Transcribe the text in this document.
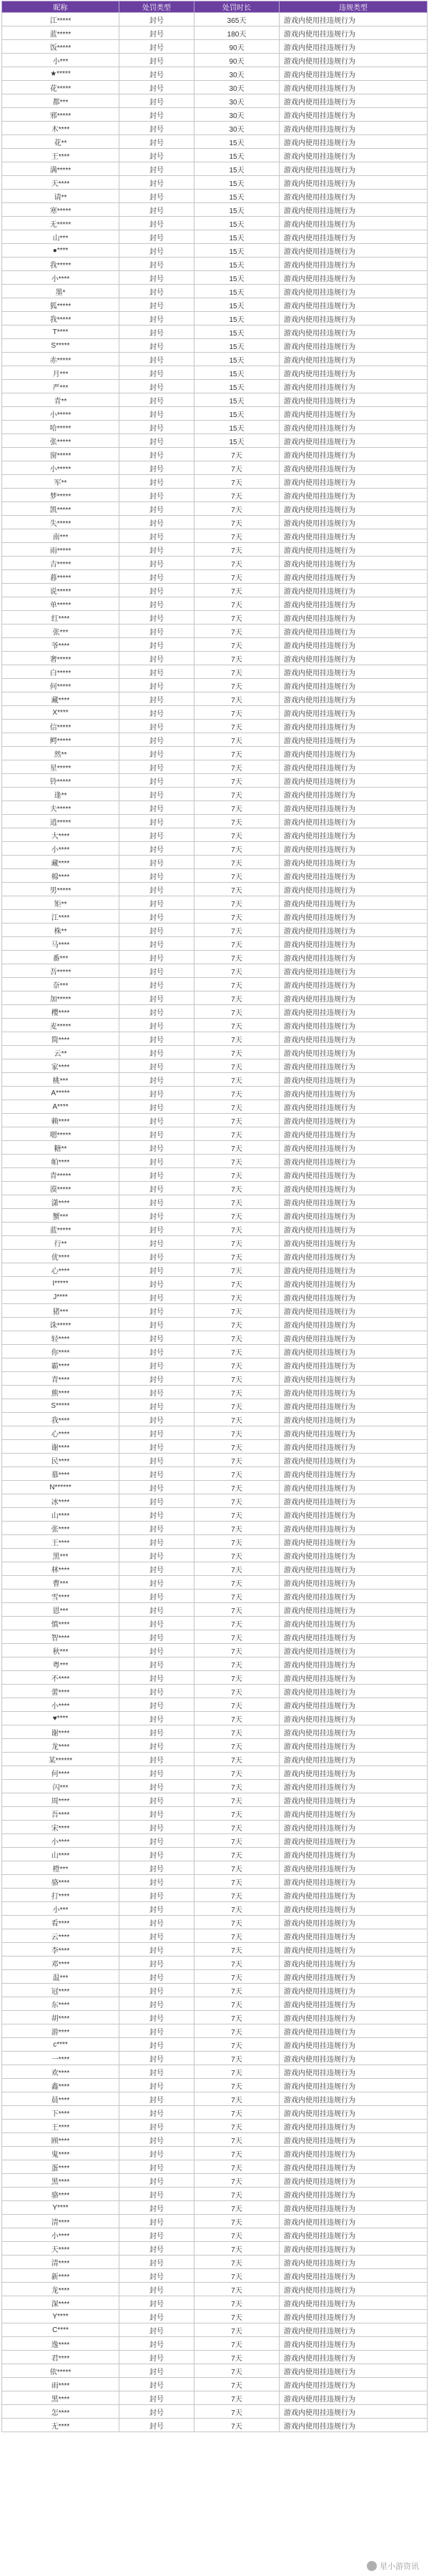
昵称	处罚类型	处罚时长	违规类型
江*****	封号	365天	游戏内使用挂违规行为
蓝*****	封号	180天	游戏内使用挂违规行为
饭*****	封号	90天	游戏内使用挂违规行为
小***	封号	90天	游戏内使用挂违规行为
★*****	封号	30天	游戏内使用挂违规行为
花*****	封号	30天	游戏内使用挂违规行为
都***	封号	30天	游戏内使用挂违规行为
邪*****	封号	30天	游戏内使用挂违规行为
木****	封号	30天	游戏内使用挂违规行为
花**	封号	15天	游戏内使用挂违规行为
王****	封号	15天	游戏内使用挂违规行为
满*****	封号	15天	游戏内使用挂违规行为
天****	封号	15天	游戏内使用挂违规行为
请**	封号	15天	游戏内使用挂违规行为
寒*****	封号	15天	游戏内使用挂违规行为
无*****	封号	15天	游戏内使用挂违规行为
山***	封号	15天	游戏内使用挂违规行为
●****	封号	15天	游戏内使用挂违规行为
我*****	封号	15天	游戏内使用挂违规行为
小****	封号	15天	游戏内使用挂违规行为
墨*	封号	15天	游戏内使用挂违规行为
狐*****	封号	15天	游戏内使用挂违规行为
我*****	封号	15天	游戏内使用挂违规行为
T****	封号	15天	游戏内使用挂违规行为
S*****	封号	15天	游戏内使用挂违规行为
赤*****	封号	15天	游戏内使用挂违规行为
月***	封号	15天	游戏内使用挂违规行为
严***	封号	15天	游戏内使用挂违规行为
青**	封号	15天	游戏内使用挂违规行为
小*****	封号	15天	游戏内使用挂违规行为
哈*****	封号	15天	游戏内使用挂违规行为
张*****	封号	15天	游戏内使用挂违规行为
窗*****	封号	7天	游戏内使用挂违规行为
小*****	封号	7天	游戏内使用挂违规行为
军**	封号	7天	游戏内使用挂违规行为
梦*****	封号	7天	游戏内使用挂违规行为
凯*****	封号	7天	游戏内使用挂违规行为
失*****	封号	7天	游戏内使用挂违规行为
南***	封号	7天	游戏内使用挂违规行为
雨*****	封号	7天	游戏内使用挂违规行为
吉*****	封号	7天	游戏内使用挂违规行为
暮*****	封号	7天	游戏内使用挂违规行为
说*****	封号	7天	游戏内使用挂违规行为
单*****	封号	7天	游戏内使用挂违规行为
红****	封号	7天	游戏内使用挂违规行为
张***	封号	7天	游戏内使用挂违规行为
爷****	封号	7天	游戏内使用挂违规行为
奢*****	封号	7天	游戏内使用挂违规行为
白*****	封号	7天	游戏内使用挂违规行为
何*****	封号	7天	游戏内使用挂违规行为
藏****	封号	7天	游戏内使用挂违规行为
X****	封号	7天	游戏内使用挂违规行为
信*****	封号	7天	游戏内使用挂违规行为
鳄*****	封号	7天	游戏内使用挂违规行为
然**	封号	7天	游戏内使用挂违规行为
星*****	封号	7天	游戏内使用挂违规行为
铃*****	封号	7天	游戏内使用挂违规行为
逢**	封号	7天	游戏内使用挂违规行为
夫*****	封号	7天	游戏内使用挂违规行为
逍*****	封号	7天	游戏内使用挂违规行为
大****	封号	7天	游戏内使用挂违规行为
小****	封号	7天	游戏内使用挂违规行为
藏****	封号	7天	游戏内使用挂违规行为
棉****	封号	7天	游戏内使用挂违规行为
男*****	封号	7天	游戏内使用挂违规行为
矩**	封号	7天	游戏内使用挂违规行为
江****	封号	7天	游戏内使用挂违规行为
株**	封号	7天	游戏内使用挂违规行为
马****	封号	7天	游戏内使用挂违规行为
番***	封号	7天	游戏内使用挂违规行为
吾*****	封号	7天	游戏内使用挂违规行为
奈***	封号	7天	游戏内使用挂违规行为
加*****	封号	7天	游戏内使用挂违规行为
樱****	封号	7天	游戏内使用挂违规行为
麦*****	封号	7天	游戏内使用挂违规行为
简****	封号	7天	游戏内使用挂违规行为
云**	封号	7天	游戏内使用挂违规行为
家****	封号	7天	游戏内使用挂违规行为
桃***	封号	7天	游戏内使用挂违规行为
A*****	封号	7天	游戏内使用挂违规行为
A****	封号	7天	游戏内使用挂违规行为
赖****	封号	7天	游戏内使用挂违规行为
嗯*****	封号	7天	游戏内使用挂违规行为
糖**	封号	7天	游戏内使用挂违规行为
帕****	封号	7天	游戏内使用挂违规行为
青*****	封号	7天	游戏内使用挂违规行为
漠*****	封号	7天	游戏内使用挂违规行为
潇****	封号	7天	游戏内使用挂违规行为
蟹***	封号	7天	游戏内使用挂违规行为
蓝*****	封号	7天	游戏内使用挂违规行为
行**	封号	7天	游戏内使用挂违规行为
优****	封号	7天	游戏内使用挂违规行为
心****	封号	7天	游戏内使用挂违规行为
I*****	封号	7天	游戏内使用挂违规行为
J****	封号	7天	游戏内使用挂违规行为
猪***	封号	7天	游戏内使用挂违规行为
诛*****	封号	7天	游戏内使用挂违规行为
轻****	封号	7天	游戏内使用挂违规行为
你****	封号	7天	游戏内使用挂违规行为
霸****	封号	7天	游戏内使用挂违规行为
青****	封号	7天	游戏内使用挂违规行为
熊****	封号	7天	游戏内使用挂违规行为
S*****	封号	7天	游戏内使用挂违规行为
我****	封号	7天	游戏内使用挂违规行为
心****	封号	7天	游戏内使用挂违规行为
谢****	封号	7天	游戏内使用挂违规行为
民****	封号	7天	游戏内使用挂违规行为
慕****	封号	7天	游戏内使用挂违规行为
N******	封号	7天	游戏内使用挂违规行为
冰****	封号	7天	游戏内使用挂违规行为
山****	封号	7天	游戏内使用挂违规行为
张****	封号	7天	游戏内使用挂违规行为
王****	封号	7天	游戏内使用挂违规行为
黑***	封号	7天	游戏内使用挂违规行为
林****	封号	7天	游戏内使用挂违规行为
曹***	封号	7天	游戏内使用挂违规行为
雪****	封号	7天	游戏内使用挂违规行为
恩***	封号	7天	游戏内使用挂违规行为
慎****	封号	7天	游戏内使用挂违规行为
智****	封号	7天	游戏内使用挂违规行为
秋***	封号	7天	游戏内使用挂违规行为
粤***	封号	7天	游戏内使用挂违规行为
不****	封号	7天	游戏内使用挂违规行为
蕾****	封号	7天	游戏内使用挂违规行为
小****	封号	7天	游戏内使用挂违规行为
♥****	封号	7天	游戏内使用挂违规行为
谢****	封号	7天	游戏内使用挂违规行为
龙****	封号	7天	游戏内使用挂违规行为
某******	封号	7天	游戏内使用挂违规行为
何****	封号	7天	游戏内使用挂违规行为
闪***	封号	7天	游戏内使用挂违规行为
周****	封号	7天	游戏内使用挂违规行为
吾****	封号	7天	游戏内使用挂违规行为
宋****	封号	7天	游戏内使用挂违规行为
小****	封号	7天	游戏内使用挂违规行为
山****	封号	7天	游戏内使用挂违规行为
橙***	封号	7天	游戏内使用挂违规行为
骆****	封号	7天	游戏内使用挂违规行为
打****	封号	7天	游戏内使用挂违规行为
小***	封号	7天	游戏内使用挂违规行为
看****	封号	7天	游戏内使用挂违规行为
云****	封号	7天	游戏内使用挂违规行为
李****	封号	7天	游戏内使用挂违规行为
邓****	封号	7天	游戏内使用挂违规行为
温***	封号	7天	游戏内使用挂违规行为
冠****	封号	7天	游戏内使用挂违规行为
东****	封号	7天	游戏内使用挂违规行为
胡****	封号	7天	游戏内使用挂违规行为
游****	封号	7天	游戏内使用挂违规行为
c****	封号	7天	游戏内使用挂违规行为
一****	封号	7天	游戏内使用挂违规行为
欢****	封号	7天	游戏内使用挂违规行为
鑫****	封号	7天	游戏内使用挂违规行为
晨****	封号	7天	游戏内使用挂违规行为
下****	封号	7天	游戏内使用挂违规行为
王****	封号	7天	游戏内使用挂违规行为
顾****	封号	7天	游戏内使用挂违规行为
鬼****	封号	7天	游戏内使用挂违规行为
蛋****	封号	7天	游戏内使用挂违规行为
黑****	封号	7天	游戏内使用挂违规行为
骆****	封号	7天	游戏内使用挂违规行为
Y****	封号	7天	游戏内使用挂违规行为
清****	封号	7天	游戏内使用挂违规行为
小****	封号	7天	游戏内使用挂违规行为
天****	封号	7天	游戏内使用挂违规行为
清****	封号	7天	游戏内使用挂违规行为
新****	封号	7天	游戏内使用挂违规行为
龙****	封号	7天	游戏内使用挂违规行为
深****	封号	7天	游戏内使用挂违规行为
Y****	封号	7天	游戏内使用挂违规行为
C****	封号	7天	游戏内使用挂违规行为
逸****	封号	7天	游戏内使用挂违规行为
君****	封号	7天	游戏内使用挂违规行为
依*****	封号	7天	游戏内使用挂违规行为
雨****	封号	7天	游戏内使用挂违规行为
黑****	封号	7天	游戏内使用挂违规行为
怎****	封号	7天	游戏内使用挂违规行为
无****	封号	7天	游戏内使用挂违规行为
星小游资讯
